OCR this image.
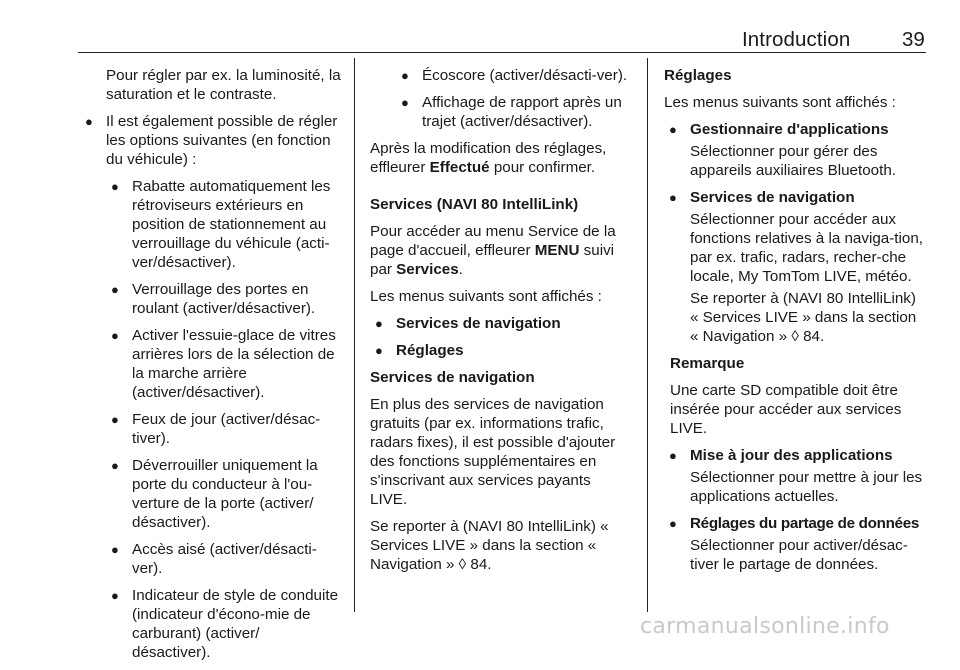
Introduction	39

Pour régler par ex. la luminosité, la saturation et le contraste.

● Il est également possible de régler les options suivantes (en fonction du véhicule) :
● Rabatte automatiquement les rétroviseurs extérieurs en position de stationnement au verrouillage du véhicule (acti-ver/désactiver).
● Verrouillage des portes en roulant (activer/désactiver).
● Activer l'essuie-glace de vitres arrières lors de la sélection de la marche arrière (activer/désactiver).
● Feux de jour (activer/désac-tiver).
● Déverrouiller uniquement la porte du conducteur à l'ou-verture de la porte (activer/ désactiver).
● Accès aisé (activer/désacti-ver).
● Indicateur de style de conduite (indicateur d'écono-mie de carburant) (activer/ désactiver).
● Écoscore (activer/désacti-ver).
● Affichage de rapport après un trajet (activer/désactiver).

Après la modification des réglages, effleurer Effectué pour confirmer.

Services (NAVI 80 IntelliLink)

Pour accéder au menu Service de la page d'accueil, effleurer MENU suivi par Services.

Les menus suivants sont affichés :

● Services de navigation
● Réglages

Services de navigation

En plus des services de navigation gratuits (par ex. informations trafic, radars fixes), il est possible d'ajouter des fonctions supplémentaires en s'inscrivant aux services payants LIVE.

Se reporter à (NAVI 80 IntelliLink) « Services LIVE » dans la section « Navigation » ◊ 84.

Réglages

Les menus suivants sont affichés :

● Gestionnaire d'applications

Sélectionner pour gérer des appareils auxiliaires Bluetooth.

● Services de navigation

Sélectionner pour accéder aux fonctions relatives à la naviga-tion, par ex. trafic, radars, recher-che locale, My TomTom LIVE, météo.

Se reporter à (NAVI 80 IntelliLink) « Services LIVE » dans la section « Navigation » ◊ 84.

Remarque

Une carte SD compatible doit être insérée pour accéder aux services LIVE.

● Mise à jour des applications

Sélectionner pour mettre à jour les applications actuelles.

● Réglages du partage de données

Sélectionner pour activer/désac-tiver le partage de données.

carmanualsonline.info
